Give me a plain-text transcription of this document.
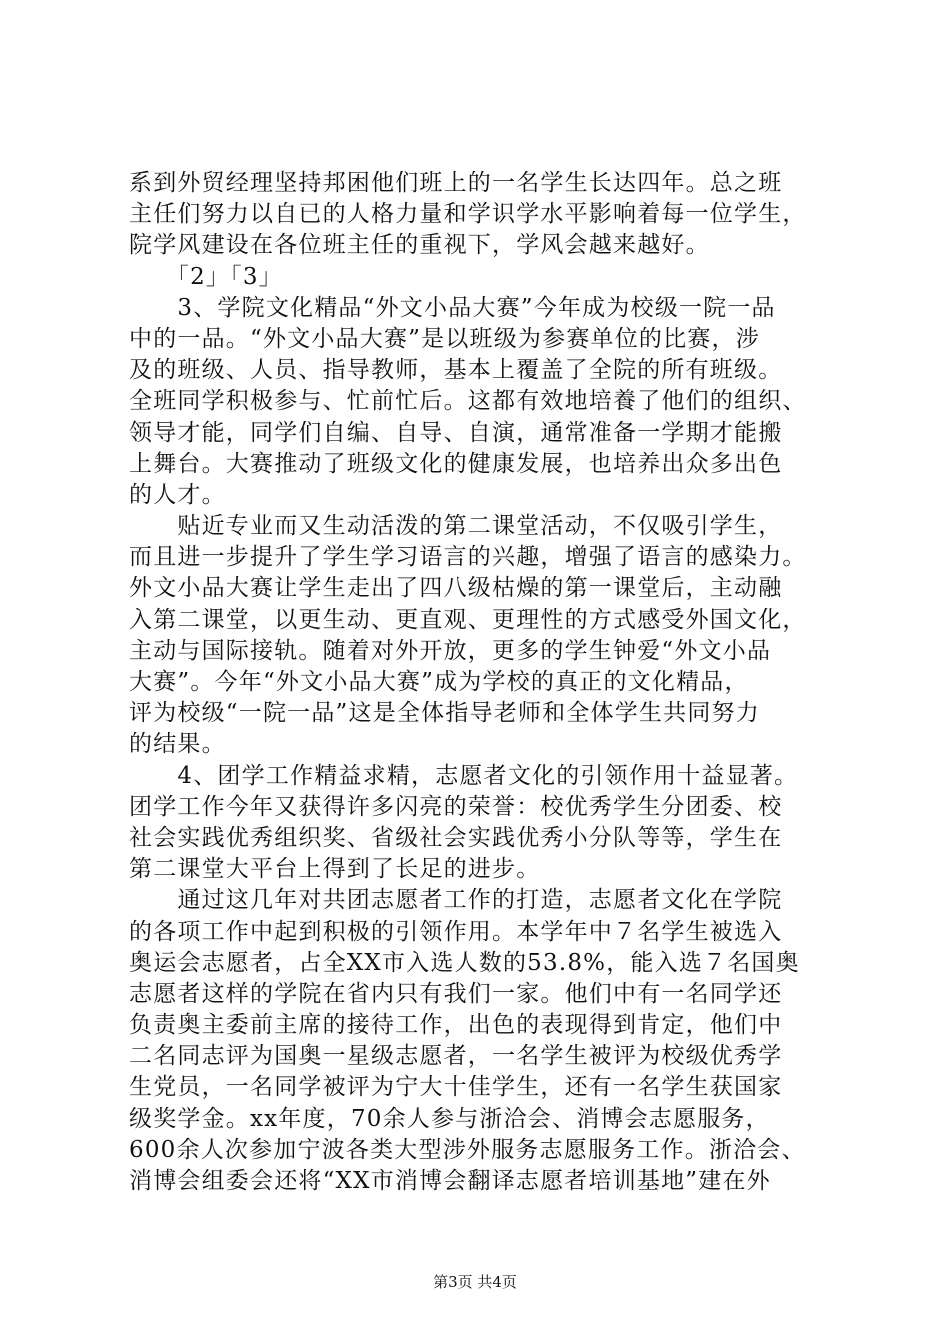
系到外贸经理坚持邦困他们班上的一名学生长达四年。总之班
主任们努力以自已的人格力量和学识学水平影响着每一位学生，
院学风建设在各位班主任的重视下，学风会越来越好。
　　「2」「3」
　　3、学院文化精品“外文小品大赛”今年成为校级一院一品
中的一品。“外文小品大赛”是以班级为参赛单位的比赛，涉
及的班级、人员、指导教师，基本上覆盖了全院的所有班级。
全班同学积极参与、忙前忙后。这都有效地培養了他们的组织、
领导才能，同学们自编、自导、自演，通常准备一学期才能搬
上舞台。大赛推动了班级文化的健康发展，也培养出众多出色
的人才。
　　贴近专业而又生动活泼的第二课堂活动，不仅吸引学生，
而且进一步提升了学生学习语言的兴趣，增强了语言的感染力。
外文小品大赛让学生走出了四八级枯燥的第一课堂后，主动融
入第二课堂，以更生动、更直观、更理性的方式感受外国文化，
主动与国际接轨。随着对外开放，更多的学生钟爱“外文小品
大赛”。今年“外文小品大赛”成为学校的真正的文化精品，
评为校级“一院一品”这是全体指导老师和全体学生共同努力
的结果。
　　4、团学工作精益求精，志愿者文化的引领作用十益显著。
团学工作今年又获得许多闪亮的荣誉：校优秀学生分团委、校
社会实践优秀组织奖、省级社会实践优秀小分队等等，学生在
第二课堂大平台上得到了长足的进步。
　　通过这几年对共团志愿者工作的打造，志愿者文化在学院
的各项工作中起到积极的引领作用。本学年中７名学生被选入
奥运会志愿者，占全XX市入选人数的53.8%，能入选７名国奥
志愿者这样的学院在省内只有我们一家。他们中有一名同学还
负责奥主委前主席的接待工作，出色的表现得到肯定，他们中
二名同志评为国奥一星级志愿者，一名学生被评为校级优秀学
生党员，一名同学被评为宁大十佳学生，还有一名学生获国家
级奖学金。xx年度，70余人参与浙洽会、消博会志愿服务，
600余人次参加宁波各类大型涉外服务志愿服务工作。浙洽会、
消博会组委会还将“XX市消博会翻译志愿者培训基地”建在外
第3页 共4页
